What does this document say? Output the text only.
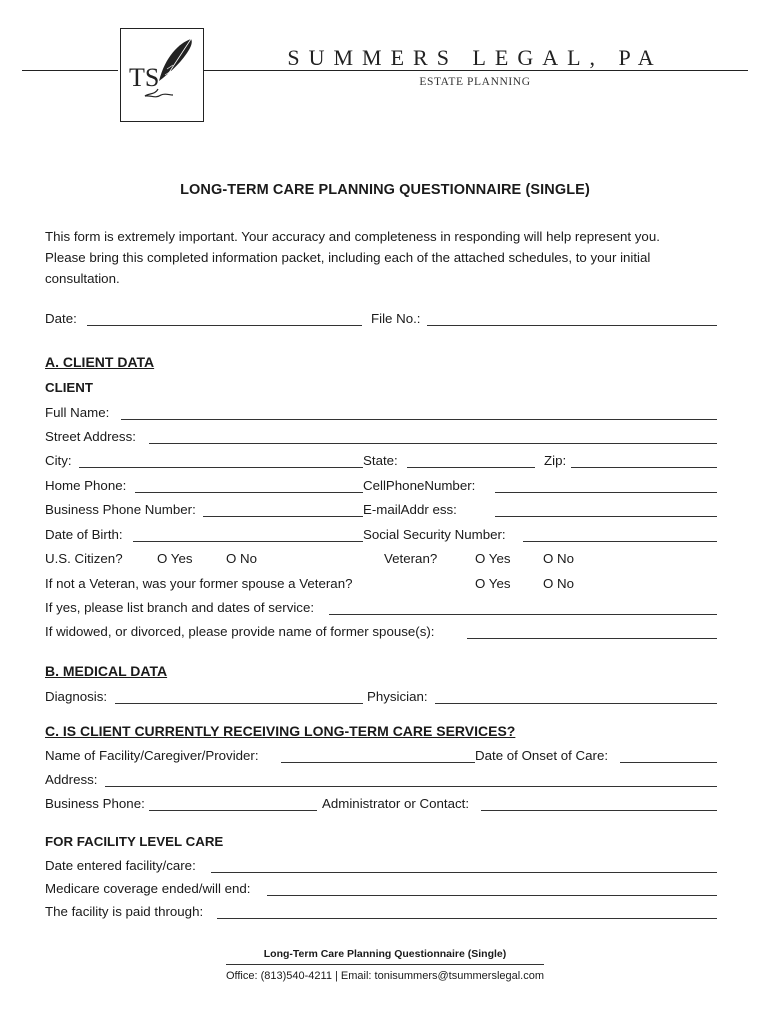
TS
SUMMERS LEGAL, PA
ESTATE PLANNING
LONG-TERM CARE PLANNING QUESTIONNAIRE (SINGLE)

This form is extremely important. Your accuracy and completeness in responding will help represent you.

Please bring this completed information packet, including each of the attached schedules, to your initial

consultation.

Date:	File No.:
A. CLIENT DATA
CLIENT
Full Name:
Street Address:
City:	State:	Zip:
Home Phone:	CellPhoneNumber:
Business Phone Number:	E-mailAddr ess:
Date of Birth:	Social Security Number:
U.S. Citizen?	O Yes	O No	Veteran?	O Yes O No
If not a Veteran, was your former spouse a Veteran?	O Yes O No
If yes, please list branch and dates of service:
If widowed, or divorced, please provide name of former spouse(s):
B. MEDICAL DATA
Diagnosis:	Physician:
C. IS CLIENT CURRENTLY RECEIVING LONG-TERM CARE SERVICES?
Name of Facility/Caregiver/Provider:	Date of Onset of Care:
Address:
Business Phone:	Administrator or Contact:
FOR FACILITY LEVEL CARE
Date entered facility/care:
Medicare coverage ended/will end:
The facility is paid through:
Long-Term Care Planning Questionnaire (Single)
Office: (813)540-4211 | Email: tonisummers@tsummerslegal.com
